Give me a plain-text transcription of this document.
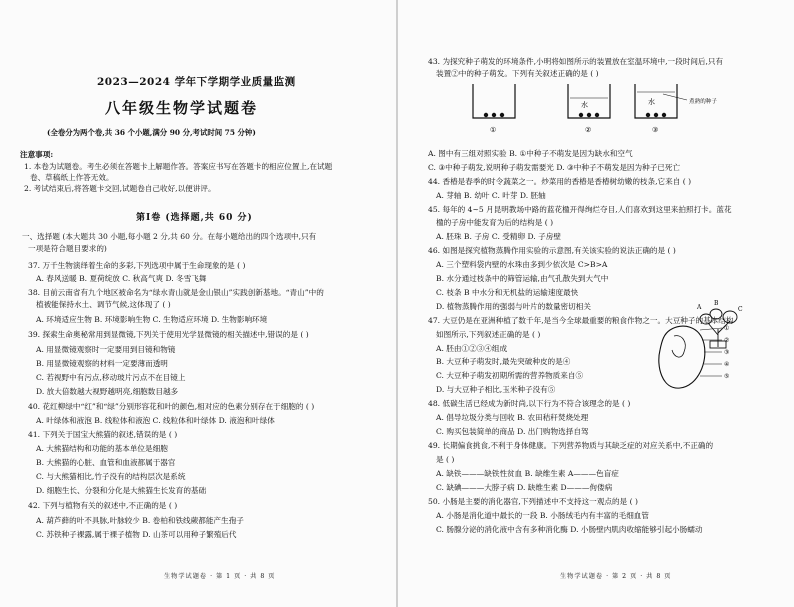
2023—2024 学年下学期学业质量监测
八年级生物学试题卷
(全卷分为两个卷,共 36 个小题,满分 90 分,考试时间 75 分钟)
注意事项:
1. 本卷为试题卷。考生必须在答题卡上解题作答。答案应书写在答题卡的相应位置上,在试题
卷、草稿纸上作答无效。
2. 考试结束后,将答题卡交回,试题卷自己收好,以便讲评。
第Ⅰ卷 (选择题,共 60 分)
一、选择题 (本大题共 30 小题,每小题 2 分,共 60 分。在每小题给出的四个选项中,只有
一项是符合题目要求的)
37. 万千生物演绎着生命的多彩,下列选项中属于生命现象的是 ( )
A. 春风送暖 B. 夏荷绽放 C. 秋高气爽 D. 冬雪飞舞
38. 目前云南省有九个地区被命名为“绿水青山就是金山银山”实践创新基地。“青山”中的
植被能保持水土、调节气候,这体现了 ( )
A. 环境适应生物 B. 环境影响生物 C. 生物适应环境 D. 生物影响环境
39. 探索生命奥秘常用到显微镜,下列关于使用光学显微镜的相关描述中,错误的是 ( )
A. 用显微镜观察时一定要用到目镜和物镜
B. 用显微镜观察的材料一定要薄而透明
C. 若视野中有污点,移动玻片污点不在目镜上
D. 放大倍数越大视野越明亮,细胞数目越多
40. 花红柳绿中“红”和“绿”分别形容花和叶的颜色,相对应的色素分别存在于细胞的 ( )
A. 叶绿体和液泡 B. 线粒体和液泡 C. 线粒体和叶绿体 D. 液泡和叶绿体
41. 下列关于国宝大熊猫的叙述,错误的是 ( )
A. 大熊猫结构和功能的基本单位是细胞
B. 大熊猫的心脏、血管和血液都属于器官
C. 与大熊猫相比,竹子没有的结构层次是系统
D. 细胞生长、分裂和分化是大熊猫生长发育的基础
42. 下列与植物有关的叙述中,不正确的是 ( )
A. 葫芦藓的叶不具脉,叶脉较少 B. 卷柏和铁线蕨都能产生孢子
C. 苏铁种子裸露,属于裸子植物 D. 山茶可以用种子繁殖后代
生物学试题卷 · 第 1 页 · 共 8 页
43. 为探究种子萌发的环境条件,小明将如图所示的装置放在室温环境中,一段时间后,只有
装置②中的种子萌发。下列有关叙述正确的是 ( )
水	水	煮熟的种子
①	②	③
A. 图中有三组对照实验 B. ①中种子不萌发是因为缺水和空气
C. ③中种子萌发,说明种子萌发需要光 D. ③中种子不萌发是因为种子已死亡
44. 香椿是春季的时令蔬菜之一。炒菜用的香椿是香椿树幼嫩的枝条,它来自 ( )
A. 芽轴 B. 幼叶 C. 叶芽 D. 胚轴
45. 每年的 4~5 月昆明教场中路的蓝花楹开得绚烂夺目,人们喜欢到这里来拍照打卡。蓝花
楹的子房中能发育为后的结构是 ( )
A. 胚珠 B. 子房 C. 受精卵 D. 子房壁
46. 如图是探究植物蒸腾作用实验的示意图,有关该实验的说法正确的是 ( )
A
B
C
A. 三个塑料袋内壁的水珠由多到少依次是 C>B>A
B. 水分通过枝条中的筛管运输,由气孔散失到大气中
C. 枝条 B 中水分和无机盐的运输速度最快
D. 植物蒸腾作用的强弱与叶片的数量密切相关
47. 大豆仍是在亚洲种植了数千年,是当今全球最重要的粮食作物之一。大豆种子的基本结构
如图所示,下列叙述正确的是 ( )
A. 胚由①②③④组成
B. 大豆种子萌发时,最先突破种皮的是④
C. 大豆种子萌发初期所需的营养物质来自⑤
D. 与大豆种子相比,玉米种子没有⑤
①
②
③
④
⑤
48. 低碳生活已经成为新时尚,以下行为不符合该理念的是 ( )
A. 倡导垃圾分类与回收 B. 农田秸秆焚烧处理
C. 购买包装简单的商品 D. 出门购物选择自驾
49. 长期偏食挑食,不利于身体健康。下列营养物质与其缺乏症的对应关系中,不正确的
是 ( )
A. 缺铁———缺铁性贫血 B. 缺维生素 A———色盲症
C. 缺碘———大脖子病 D. 缺维生素 D———佝偻病
50. 小肠是主要的消化器官,下列描述中不支持这一观点的是 ( )
A. 小肠是消化道中最长的一段 B. 小肠绒毛内有丰富的毛细血管
C. 肠腺分泌的消化液中含有多种消化酶 D. 小肠壁内肌肉收缩能够引起小肠蠕动
生物学试题卷 · 第 2 页 · 共 8 页
